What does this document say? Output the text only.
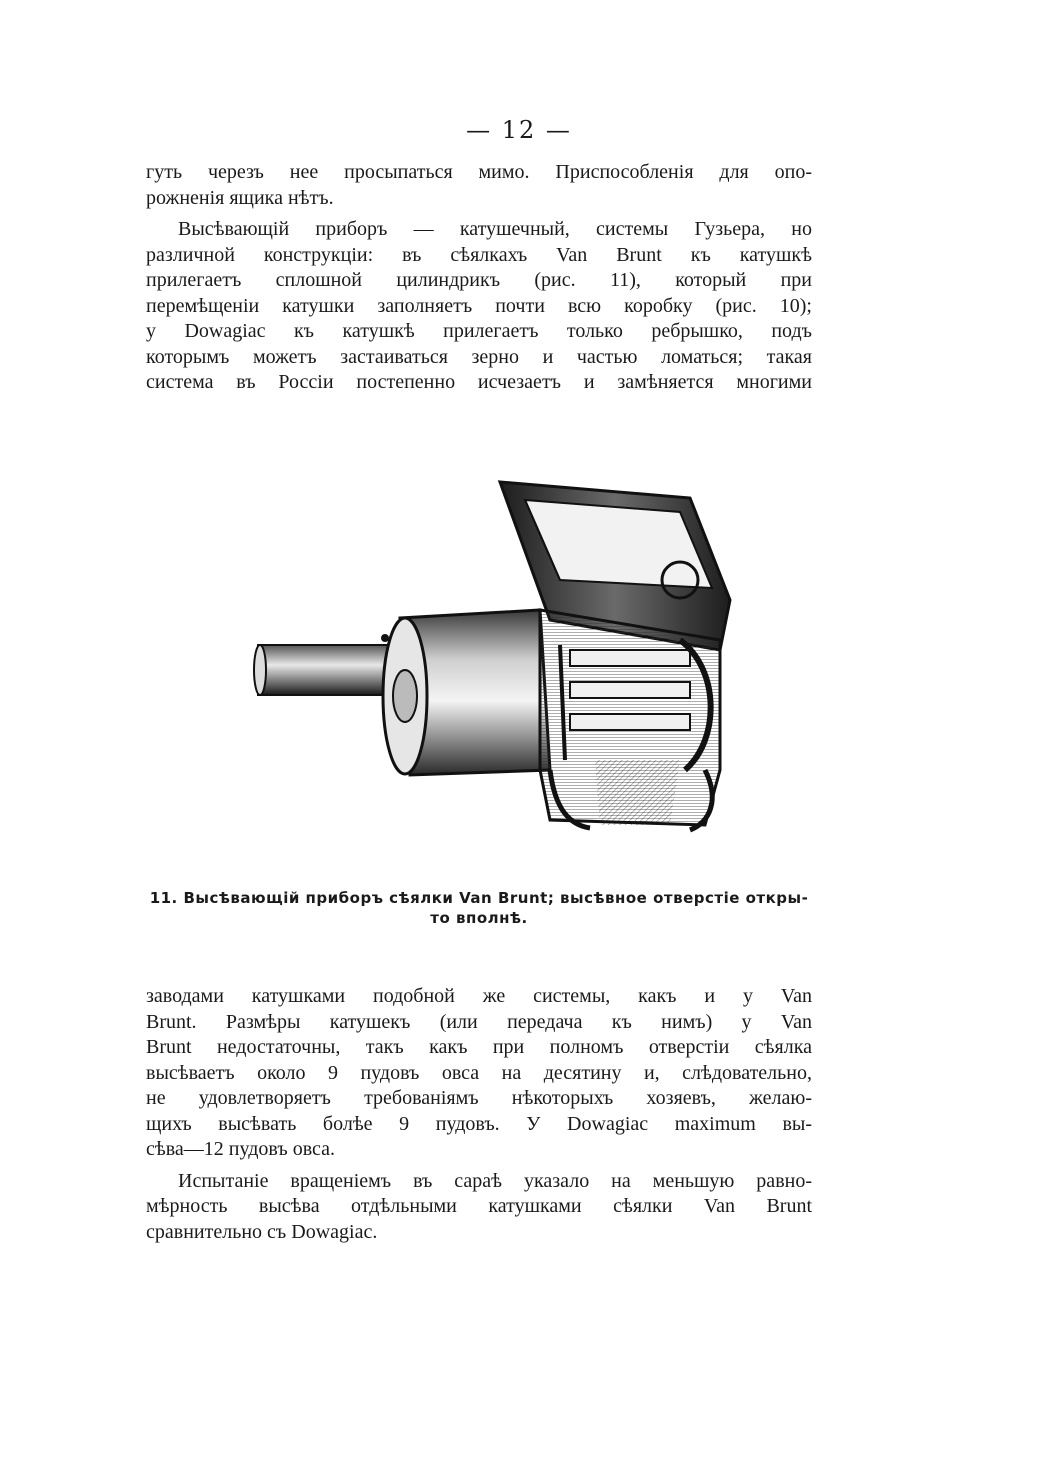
— 12 —

гуть черезъ нее просыпаться мимо. Приспособленія для опо-
рожненія ящика нѣтъ.

Высѣвающій приборъ — катушечный, системы Гузьера, но
различной конструкціи: въ сѣялкахъ Van Brunt къ катушкѣ
прилегаетъ сплошной цилиндрикъ (рис. 11), который при
перемѣщеніи катушки заполняетъ почти всю коробку (рис. 10);
у Dowagiac къ катушкѣ прилегаетъ только ребрышко, подъ
которымъ можетъ застаиваться зерно и частью ломаться; такая
система въ Россіи постепенно исчезаетъ и замѣняется многими

11. Высѣвающій приборъ сѣялки Van Brunt; высѣвное отверстіе откры-
то вполнѣ.

заводами катушками подобной же системы, какъ и у Van
Brunt. Размѣры катушекъ (или передача къ нимъ) у Van
Brunt недостаточны, такъ какъ при полномъ отверстіи сѣялка
высѣваетъ около 9 пудовъ овса на десятину и, слѣдовательно,
не удовлетворяетъ требованіямъ нѣкоторыхъ хозяевъ, желаю-
щихъ высѣвать болѣе 9 пудовъ. У Dowagiac maximum вы-
сѣва—12 пудовъ овса.

Испытаніе вращеніемъ въ сараѣ указало на меньшую равно-
мѣрность высѣва отдѣльными катушками сѣялки Van Brunt
сравнительно съ Dowagiac.
